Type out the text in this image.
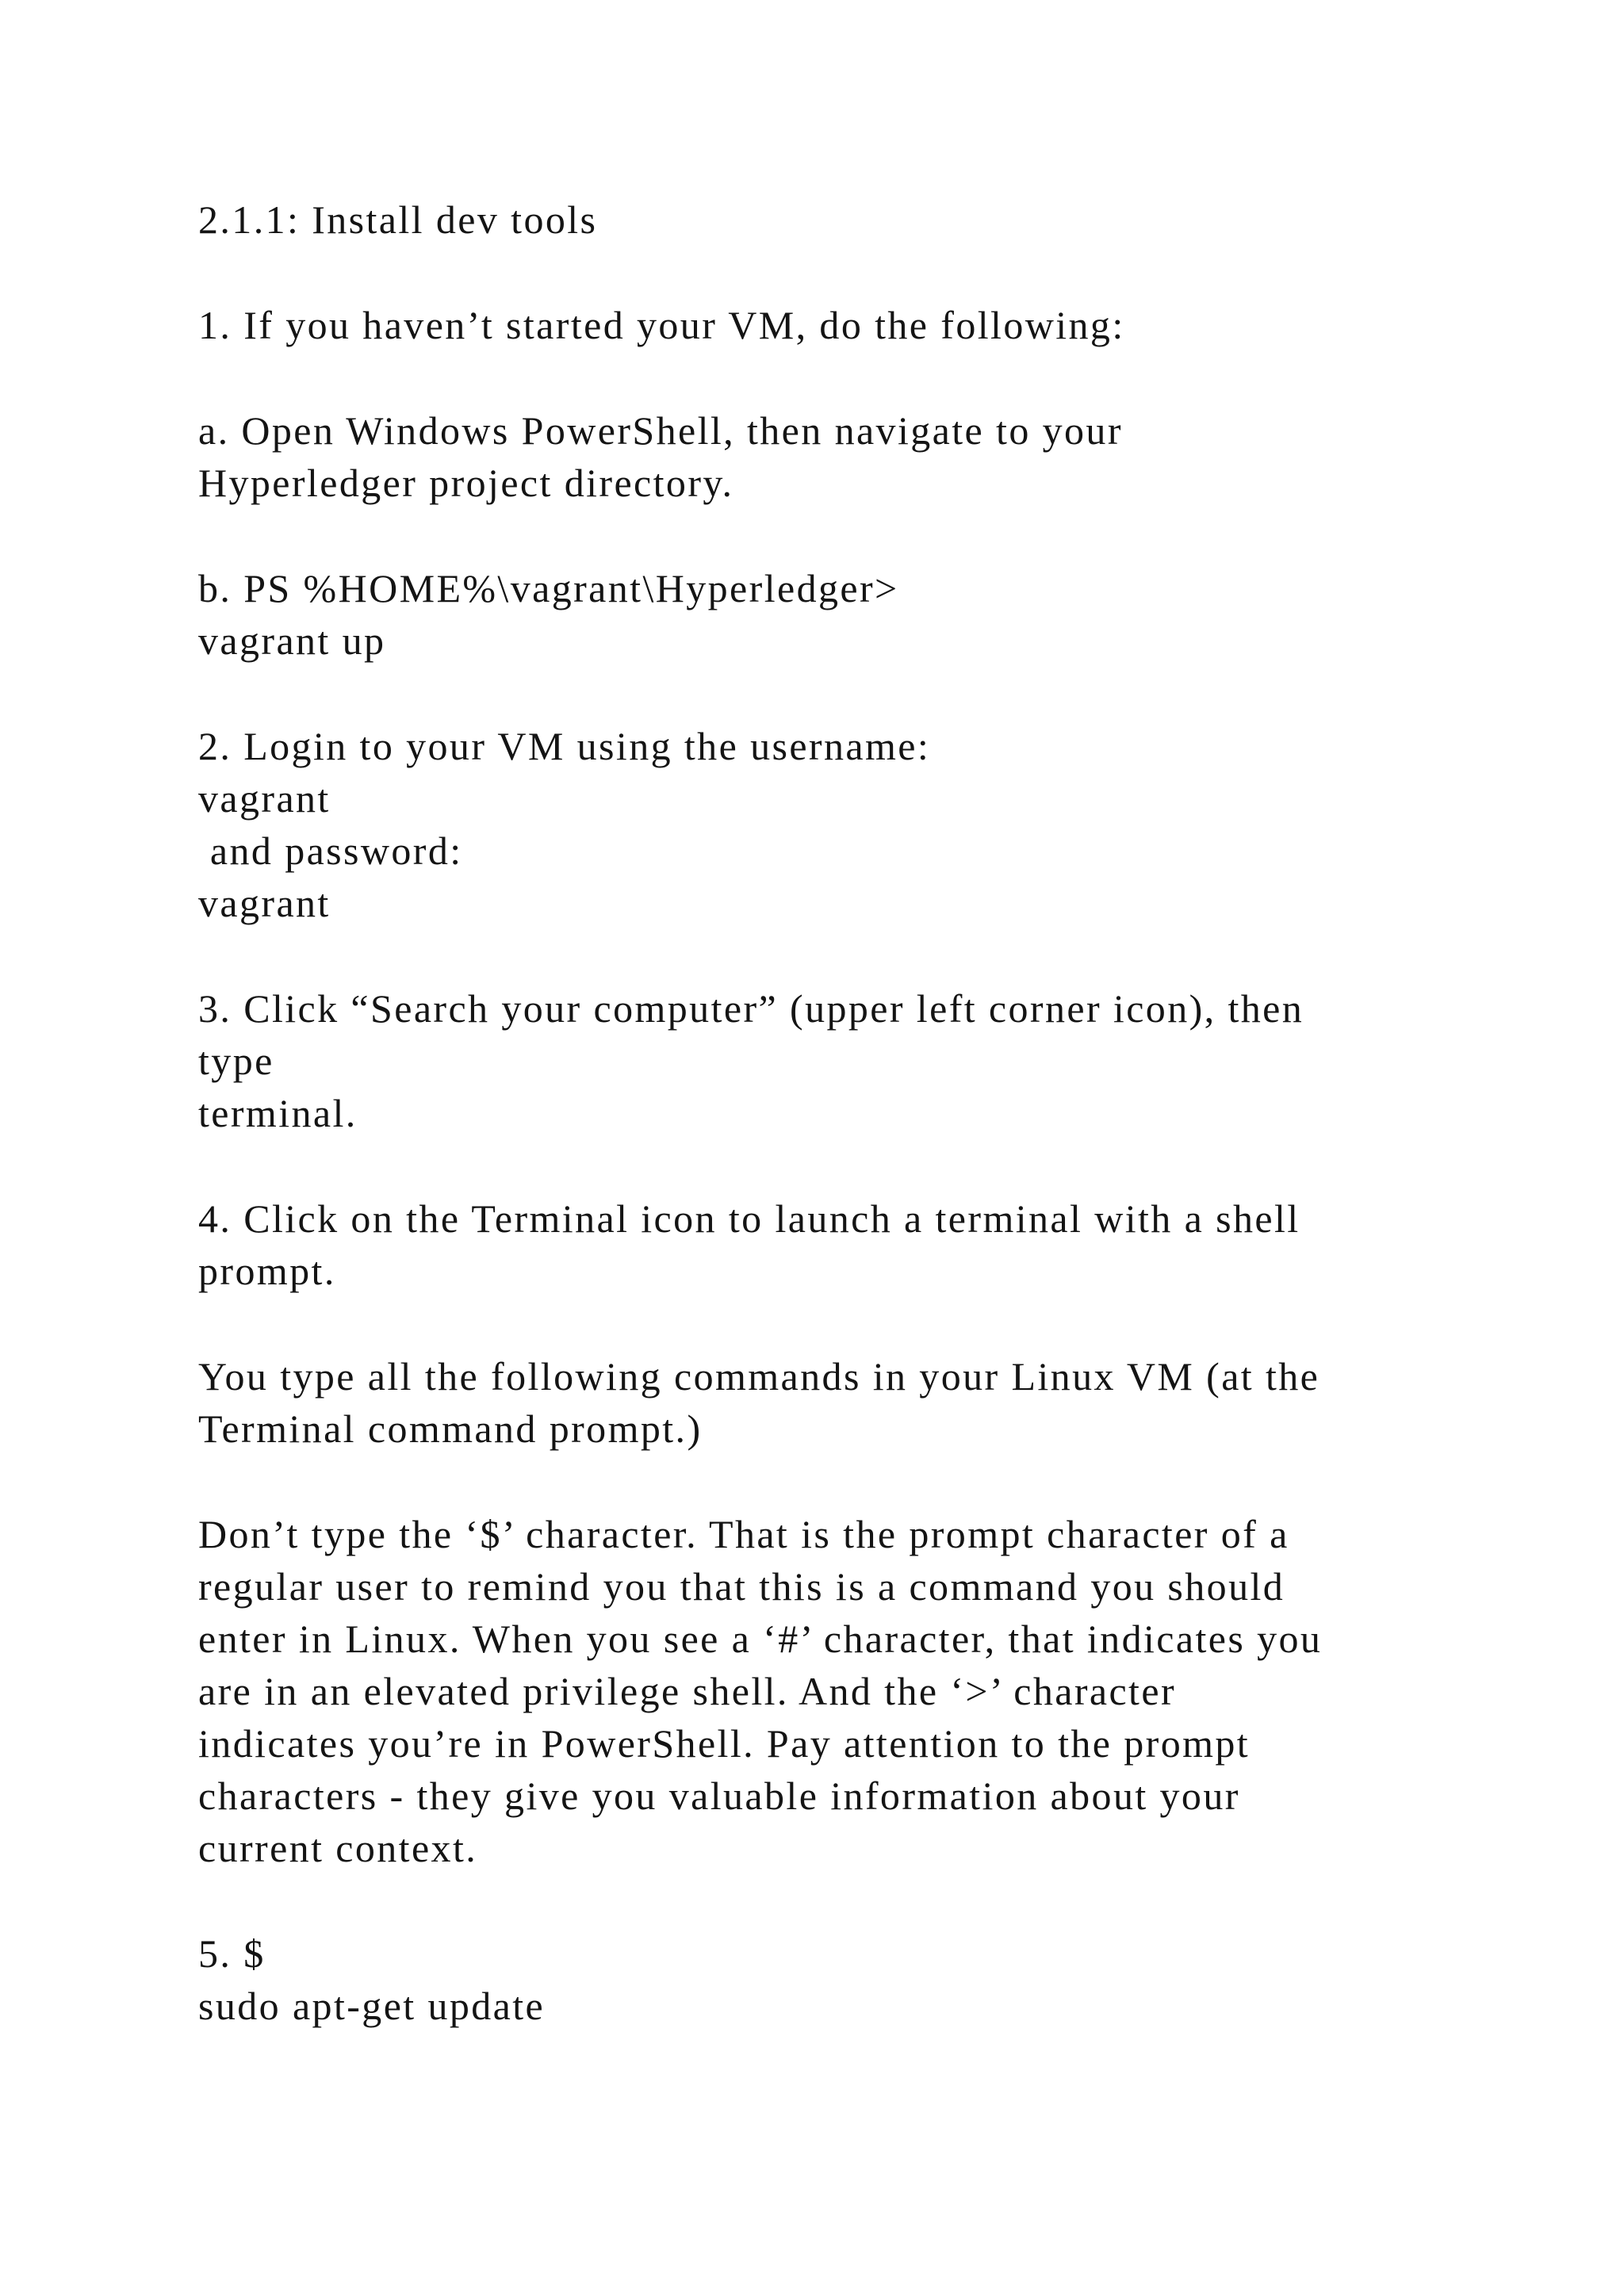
2.1.1: Install dev tools

1. If you haven’t started your VM, do the following:

a. Open Windows PowerShell, then navigate to your

Hyperledger project directory.

b. PS %HOME%\vagrant\Hyperledger>

vagrant up

2. Login to your VM using the username:

vagrant

and password:

vagrant

3. Click “Search your computer” (upper left corner icon), then

type

terminal.

4. Click on the Terminal icon to launch a terminal with a shell

prompt.

You type all the following commands in your Linux VM (at the

Terminal command prompt.)

Don’t type the ‘$’ character. That is the prompt character of a

regular user to remind you that this is a command you should

enter in Linux. When you see a ‘#’ character, that indicates you

are in an elevated privilege shell. And the ‘>’ character

indicates you’re in PowerShell. Pay attention to the prompt

characters - they give you valuable information about your

current context.

5. $

sudo apt-get update
